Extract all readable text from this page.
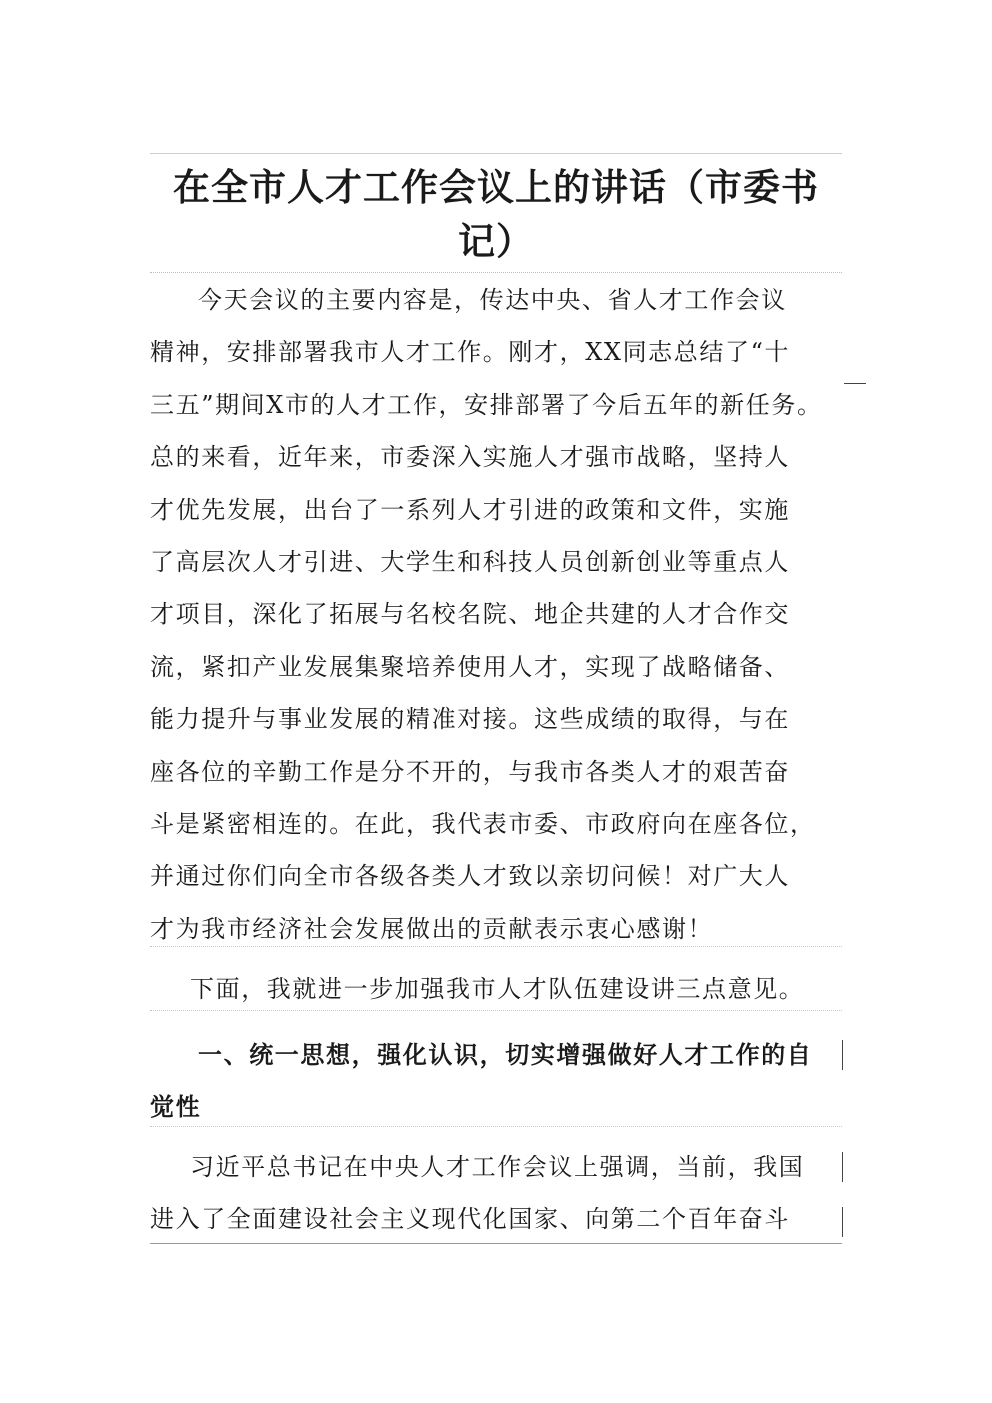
在全市人才工作会议上的讲话（市委书
记）
今天会议的主要内容是，传达中央、省人才工作会议
精神，安排部署我市人才工作。刚才，XX同志总结了“十
三五”期间X市的人才工作，安排部署了今后五年的新任务。
总的来看，近年来，市委深入实施人才强市战略，坚持人
才优先发展，出台了一系列人才引进的政策和文件，实施
了高层次人才引进、大学生和科技人员创新创业等重点人
才项目，深化了拓展与名校名院、地企共建的人才合作交
流，紧扣产业发展集聚培养使用人才，实现了战略储备、
能力提升与事业发展的精准对接。这些成绩的取得，与在
座各位的辛勤工作是分不开的，与我市各类人才的艰苦奋
斗是紧密相连的。在此，我代表市委、市政府向在座各位，
并通过你们向全市各级各类人才致以亲切问候！对广大人
才为我市经济社会发展做出的贡献表示衷心感谢！
下面，我就进一步加强我市人才队伍建设讲三点意见。
一、统一思想，强化认识，切实增强做好人才工作的自
觉性
习近平总书记在中央人才工作会议上强调，当前，我国
进入了全面建设社会主义现代化国家、向第二个百年奋斗
